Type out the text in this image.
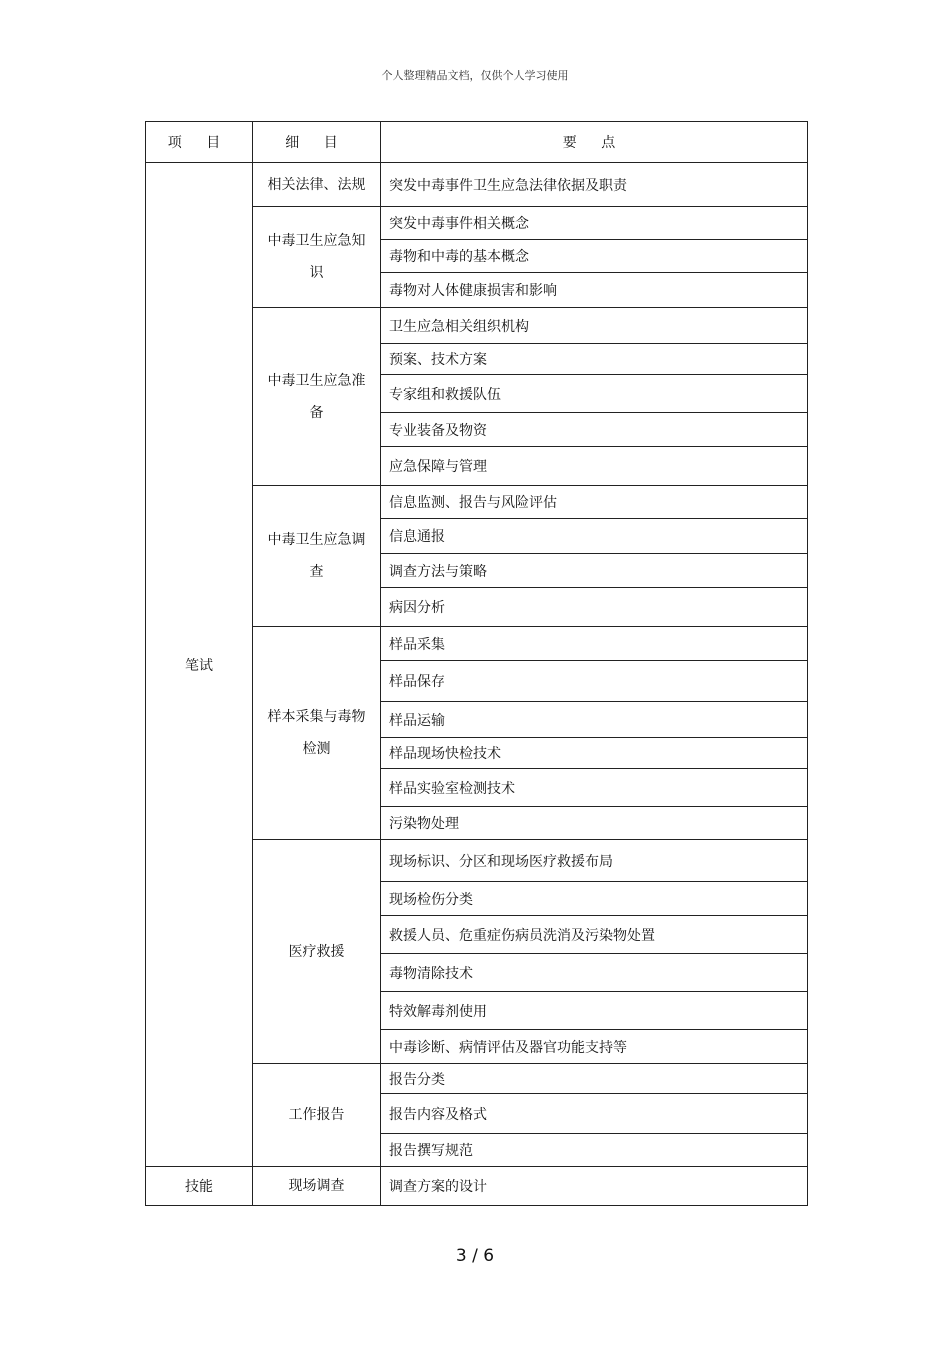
个人整理精品文档，仅供个人学习使用
项 目	细 目	要 点
笔试	相关法律、法规	突发中毒事件卫生应急法律依据及职责
	中毒卫生应急知识	突发中毒事件相关概念
		毒物和中毒的基本概念
		毒物对人体健康损害和影响
	中毒卫生应急准备	卫生应急相关组织机构
		预案、技术方案
		专家组和救援队伍
		专业装备及物资
		应急保障与管理
	中毒卫生应急调查	信息监测、报告与风险评估
		信息通报
		调查方法与策略
		病因分析
	样本采集与毒物检测	样品采集
		样品保存
		样品运输
		样品现场快检技术
		样品实验室检测技术
		污染物处理
	医疗救援	现场标识、分区和现场医疗救援布局
		现场检伤分类
		救援人员、危重症伤病员洗消及污染物处置
		毒物清除技术
		特效解毒剂使用
		中毒诊断、病情评估及器官功能支持等
	工作报告	报告分类
		报告内容及格式
		报告撰写规范
技能	现场调查	调查方案的设计
3 / 6
